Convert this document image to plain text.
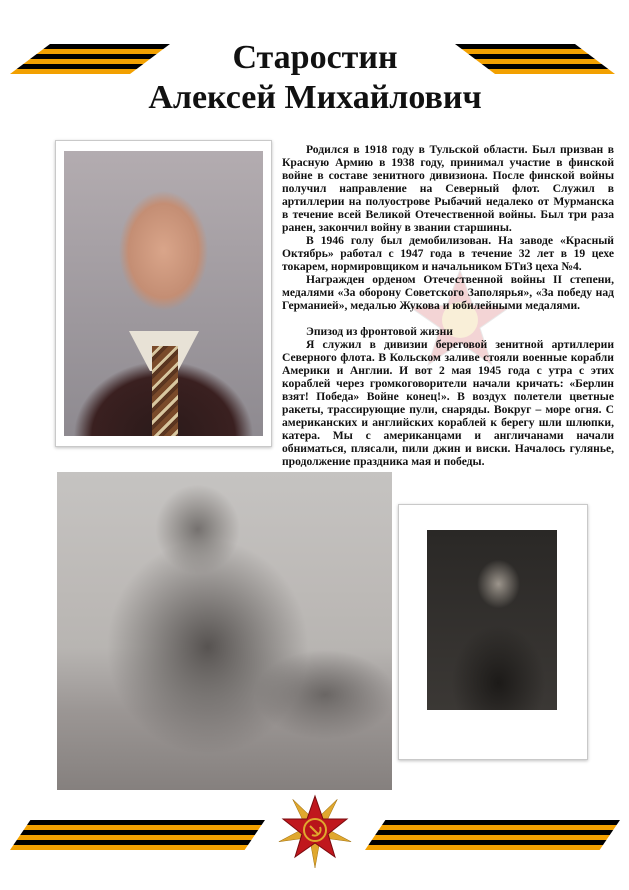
Старостин
Алексей Михайлович

Родился в 1918 году в Тульской области. Был призван в Красную Армию в 1938 году, принимал участие в финской войне в составе зенитного дивизиона. После финской войны получил направление на Северный флот. Служил в артиллерии на полуострове Рыбачий недалеко от Мурманска в течение всей Великой Отечественной войны. Был три раза ранен, закончил войну в звании старшины.

В 1946 голу был демобилизован. На заводе «Красный Октябрь» работал с 1947 года в течение 32 лет в 19 цехе токарем, нормировщиком и начальником БТиЗ цеха №4.

Награжден орденом Отечественной войны II степени, медалями «За оборону Советского Заполярья», «За победу над Германией», медалью Жукова и юбилейными медалями.

Эпизод из фронтовой жизни

Я служил в дивизии береговой зенитной артиллерии Северного флота. В Кольском заливе стояли военные корабли Америки и Англии. И вот 2 мая 1945 года с утра с этих кораблей через громкоговорители начали кричать: «Берлин взят! Победа» Войне конец!». В воздух полетели цветные ракеты, трассирующие пули, снаряды. Вокруг – море огня. С американских и английских кораблей к берегу шли шлюпки, катера. Мы с американцами и англичанами начали обниматься, плясали, пили джин и виски. Началось гулянье, продолжение праздника мая и победы.
